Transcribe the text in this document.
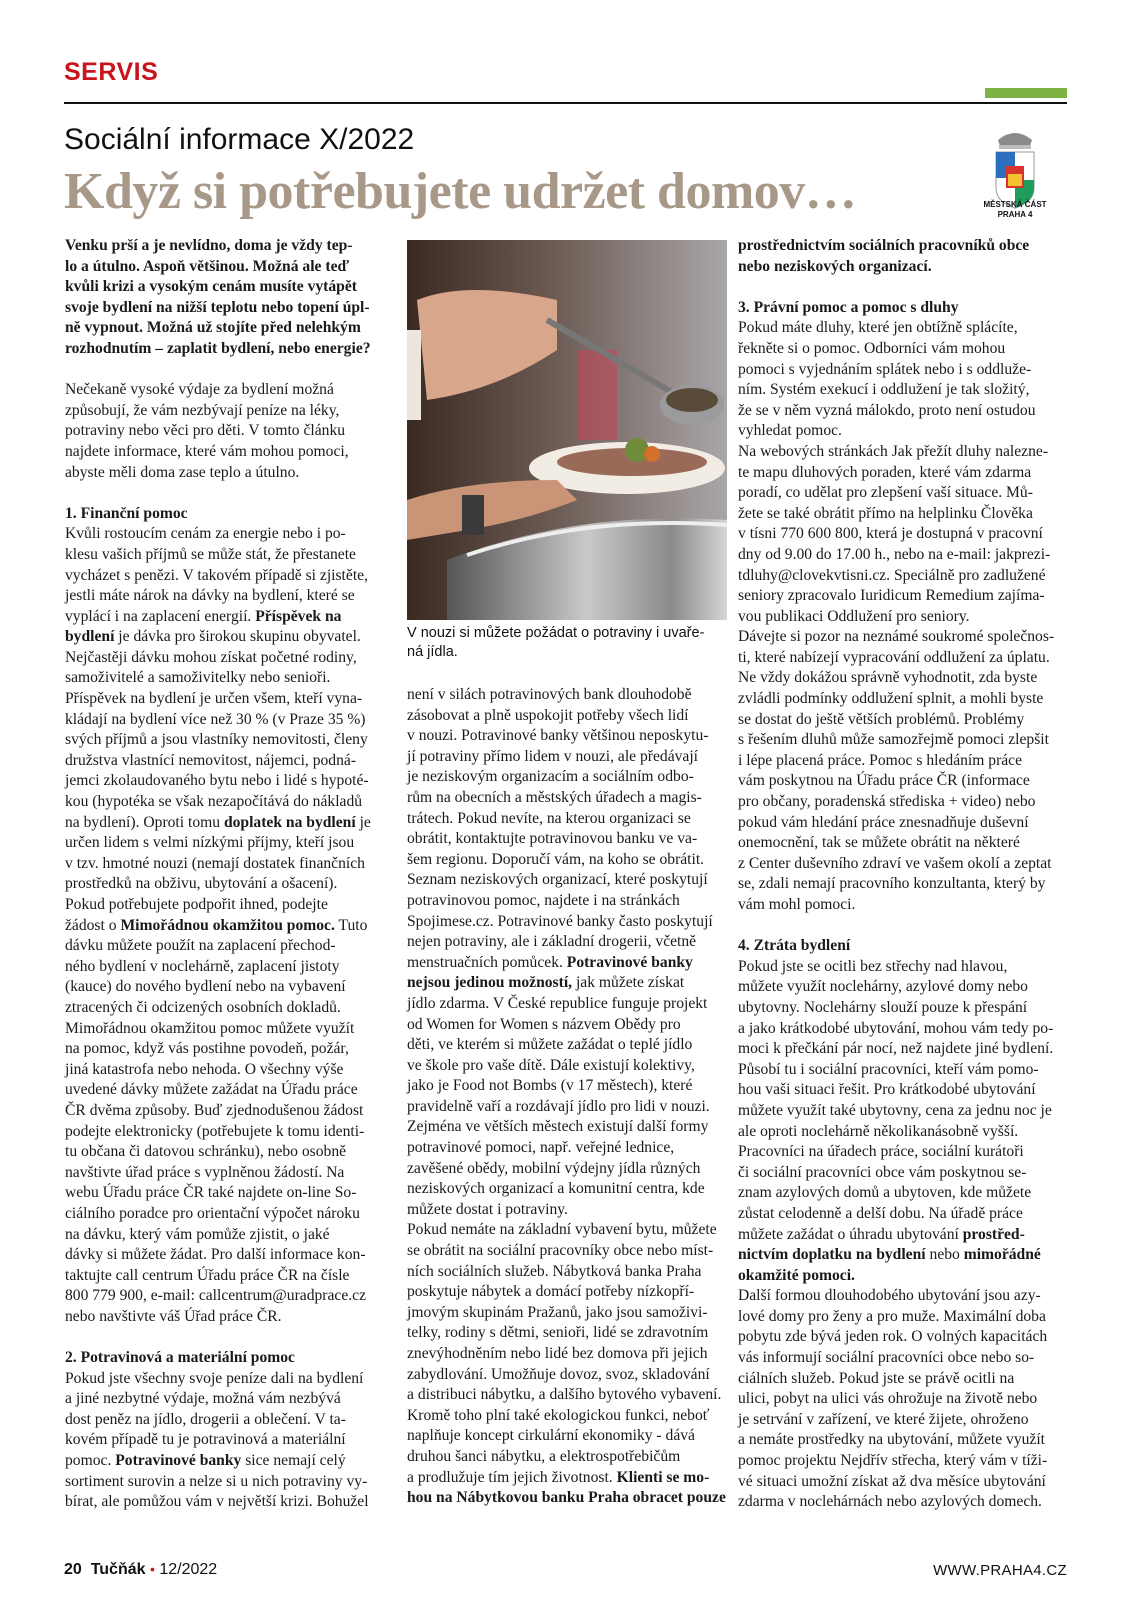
SERVIS
Sociální informace X/2022
Když si potřebujete udržet domov…	MĚSTSKÁ ČÁST
PRAHA 4
Venku prší a je nevlídno, doma je vždy tep-
lo a útulno. Aspoň většinou. Možná ale teď
kvůli krizi a vysokým cenám musíte vytápět
svoje bydlení na nižší teplotu nebo topení úpl-
ně vypnout. Možná už stojíte před nelehkým
rozhodnutím – zaplatit bydlení, nebo energie?
Nečekaně vysoké výdaje za bydlení možná
způsobují, že vám nezbývají peníze na léky,
potraviny nebo věci pro děti. V tomto článku
najdete informace, které vám mohou pomoci,
abyste měli doma zase teplo a útulno.
1. Finanční pomoc
Kvůli rostoucím cenám za energie nebo i po-
klesu vašich příjmů se může stát, že přestanete
vycházet s penězi. V takovém případě si zjistěte,
jestli máte nárok na dávky na bydlení, které se
vyplácí i na zaplacení energií. Příspěvek na
bydlení je dávka pro širokou skupinu obyvatel.
Nejčastěji dávku mohou získat početné rodiny,
samoživitelé a samoživitelky nebo senioři.
Příspěvek na bydlení je určen všem, kteří vyna-
kládají na bydlení více než 30 % (v Praze 35 %)
svých příjmů a jsou vlastníky nemovitosti, členy
družstva vlastnící nemovitost, nájemci, podná-
jemci zkolaudovaného bytu nebo i lidé s hypoté-
kou (hypotéka se však nezapočítává do nákladů
na bydlení). Oproti tomu doplatek na bydlení je
určen lidem s velmi nízkými příjmy, kteří jsou
v tzv. hmotné nouzi (nemají dostatek finančních
prostředků na obživu, ubytování a ošacení).
Pokud potřebujete podpořit ihned, podejte
žádost o Mimořádnou okamžitou pomoc. Tuto
dávku můžete použít na zaplacení přechod-
ného bydlení v noclehárně, zaplacení jistoty
(kauce) do nového bydlení nebo na vybavení
ztracených či odcizených osobních dokladů.
Mimořádnou okamžitou pomoc můžete využít
na pomoc, když vás postihne povodeň, požár,
jiná katastrofa nebo nehoda. O všechny výše
uvedené dávky můžete zažádat na Úřadu práce
ČR dvěma způsoby. Buď zjednodušenou žádost
podejte elektronicky (potřebujete k tomu identi-
tu občana či datovou schránku), nebo osobně
navštivte úřad práce s vyplněnou žádostí. Na
webu Úřadu práce ČR také najdete on-line So-
ciálního poradce pro orientační výpočet nároku
na dávku, který vám pomůže zjistit, o jaké
dávky si můžete žádat. Pro další informace kon-
taktujte call centrum Úřadu práce ČR na čísle
800 779 900, e-mail: callcentrum@uradprace.cz
nebo navštivte váš Úřad práce ČR.
2. Potravinová a materiální pomoc
Pokud jste všechny svoje peníze dali na bydlení
a jiné nezbytné výdaje, možná vám nezbývá
dost peněz na jídlo, drogerii a oblečení. V ta-
kovém případě tu je potravinová a materiální
pomoc. Potravinové banky sice nemají celý
sortiment surovin a nelze si u nich potraviny vy-
bírat, ale pomůžou vám v největší krizi. Bohužel
V nouzi si můžete požádat o potraviny i uvaře-
ná jídla.
není v silách potravinových bank dlouhodobě
zásobovat a plně uspokojit potřeby všech lidí
v nouzi. Potravinové banky většinou neposkytu-
jí potraviny přímo lidem v nouzi, ale předávají
je neziskovým organizacím a sociálním odbo-
rům na obecních a městských úřadech a magis-
trátech. Pokud nevíte, na kterou organizaci se
obrátit, kontaktujte potravinovou banku ve va-
šem regionu. Doporučí vám, na koho se obrátit.
Seznam neziskových organizací, které poskytují
potravinovou pomoc, najdete i na stránkách
Spojimese.cz. Potravinové banky často poskytují
nejen potraviny, ale i základní drogerii, včetně
menstruačních pomůcek. Potravinové banky
nejsou jedinou možností, jak můžete získat
jídlo zdarma. V České republice funguje projekt
od Women for Women s názvem Obědy pro
děti, ve kterém si můžete zažádat o teplé jídlo
ve škole pro vaše dítě. Dále existují kolektivy,
jako je Food not Bombs (v 17 městech), které
pravidelně vaří a rozdávají jídlo pro lidi v nouzi.
Zejména ve větších městech existují další formy
potravinové pomoci, např. veřejné lednice,
zavěšené obědy, mobilní výdejny jídla různých
neziskových organizací a komunitní centra, kde
můžete dostat i potraviny.
Pokud nemáte na základní vybavení bytu, můžete
se obrátit na sociální pracovníky obce nebo míst-
ních sociálních služeb. Nábytková banka Praha
poskytuje nábytek a domácí potřeby nízkopří-
jmovým skupinám Pražanů, jako jsou samoživi-
telky, rodiny s dětmi, senioři, lidé se zdravotním
znevýhodněním nebo lidé bez domova při jejich
zabydlování. Umožňuje dovoz, svoz, skladování
a distribuci nábytku, a dalšího bytového vybavení.
Kromě toho plní také ekologickou funkci, neboť
naplňuje koncept cirkulární ekonomiky - dává
druhou šanci nábytku, a elektrospotřebičům
a prodlužuje tím jejich životnost. Klienti se mo-
hou na Nábytkovou banku Praha obracet pouze
prostřednictvím sociálních pracovníků obce
nebo neziskových organizací.
3. Právní pomoc a pomoc s dluhy
Pokud máte dluhy, které jen obtížně splácíte,
řekněte si o pomoc. Odborníci vám mohou
pomoci s vyjednáním splátek nebo i s oddluže-
ním. Systém exekucí i oddlužení je tak složitý,
že se v něm vyzná málokdo, proto není ostudou
vyhledat pomoc.
Na webových stránkách Jak přežít dluhy nalezne-
te mapu dluhových poraden, které vám zdarma
poradí, co udělat pro zlepšení vaší situace. Mů-
žete se také obrátit přímo na helplinku Člověka
v tísni 770 600 800, která je dostupná v pracovní
dny od 9.00 do 17.00 h., nebo na e-mail: jakprezi-
tdluhy@clovekvtisni.cz. Speciálně pro zadlužené
seniory zpracovalo Iuridicum Remedium zajíma-
vou publikaci Oddlužení pro seniory.
Dávejte si pozor na neznámé soukromé společnos-
ti, které nabízejí vypracování oddlužení za úplatu.
Ne vždy dokážou správně vyhodnotit, zda byste
zvládli podmínky oddlužení splnit, a mohli byste
se dostat do ještě větších problémů. Problémy
s řešením dluhů může samozřejmě pomoci zlepšit
i lépe placená práce. Pomoc s hledáním práce
vám poskytnou na Úřadu práce ČR (informace
pro občany, poradenská střediska + video) nebo
pokud vám hledání práce znesnadňuje duševní
onemocnění, tak se můžete obrátit na některé
z Center duševního zdraví ve vašem okolí a zeptat
se, zdali nemají pracovního konzultanta, který by
vám mohl pomoci.
4. Ztráta bydlení
Pokud jste se ocitli bez střechy nad hlavou,
můžete využít noclehárny, azylové domy nebo
ubytovny. Noclehárny slouží pouze k přespání
a jako krátkodobé ubytování, mohou vám tedy po-
moci k přečkání pár nocí, než najdete jiné bydlení.
Působí tu i sociální pracovníci, kteří vám pomo-
hou vaši situaci řešit. Pro krátkodobé ubytování
můžete využít také ubytovny, cena za jednu noc je
ale oproti noclehárně několikanásobně vyšší.
Pracovníci na úřadech práce, sociální kurátoři
či sociální pracovníci obce vám poskytnou se-
znam azylových domů a ubytoven, kde můžete
zůstat celodenně a delší dobu. Na úřadě práce
můžete zažádat o úhradu ubytování prostřed-
nictvím doplatku na bydlení nebo mimořádné
okamžité pomoci.
Další formou dlouhodobého ubytování jsou azy-
lové domy pro ženy a pro muže. Maximální doba
pobytu zde bývá jeden rok. O volných kapacitách
vás informují sociální pracovníci obce nebo so-
ciálních služeb. Pokud jste se právě ocitli na
ulici, pobyt na ulici vás ohrožuje na životě nebo
je setrvání v zařízení, ve které žijete, ohroženo
a nemáte prostředky na ubytování, můžete využít
pomoc projektu Nejdřív střecha, který vám v tíži-
vé situaci umožní získat až dva měsíce ubytování
zdarma v noclehárnách nebo azylových domech.
20 Tučňák • 12/2022	WWW.PRAHA4.CZ
